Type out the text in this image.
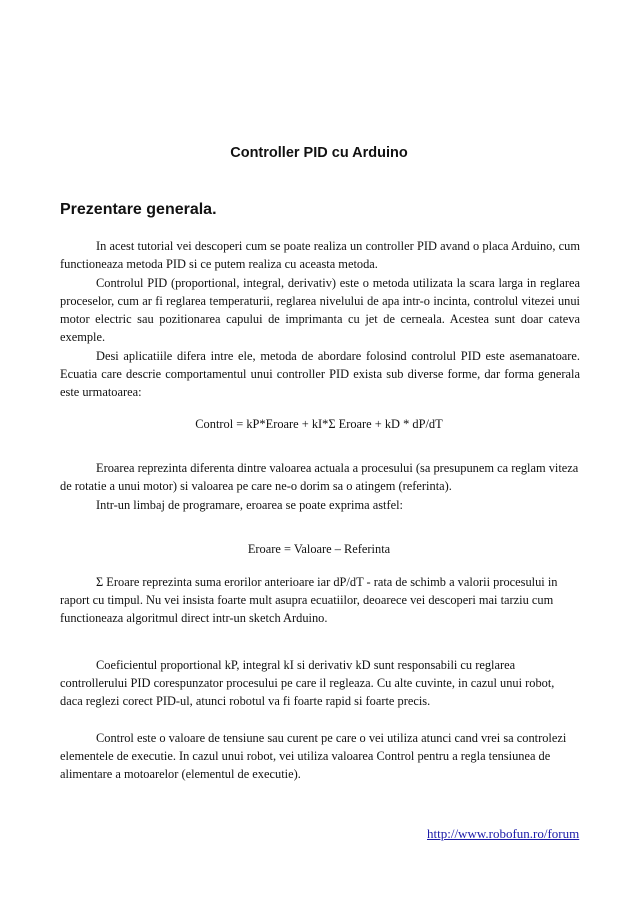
Controller PID cu Arduino
Prezentare generala.

In acest tutorial vei descoperi cum se poate realiza un controller PID avand o placa Arduino, cum functioneaza metoda PID si ce putem realiza cu aceasta metoda.

Controlul PID (proportional, integral, derivativ) este o metoda utilizata la scara larga in reglarea proceselor, cum ar fi reglarea temperaturii, reglarea nivelului de apa intr-o incinta, controlul vitezei unui motor electric sau pozitionarea capului de imprimanta cu jet de cerneala. Acestea sunt doar cateva exemple.

Desi aplicatiile difera intre ele, metoda de abordare folosind controlul PID este asemanatoare. Ecuatia care descrie comportamentul unui controller PID exista sub diverse forme, dar forma generala este urmatoarea:

Control = kP*Eroare + kI*Σ Eroare + kD * dP/dT

Eroarea reprezinta diferenta dintre valoarea actuala a procesului (sa presupunem ca reglam viteza de rotatie a unui motor) si valoarea pe care ne-o dorim sa o atingem (referinta).

Intr-un limbaj de programare, eroarea se poate exprima astfel:

Eroare = Valoare – Referinta

Σ Eroare reprezinta suma erorilor anterioare iar dP/dT - rata de schimb a valorii procesului in raport cu timpul. Nu vei insista foarte mult asupra ecuatiilor, deoarece vei descoperi mai tarziu cum functioneaza algoritmul direct intr-un sketch Arduino.

Coeficientul proportional kP, integral kI si derivativ kD sunt responsabili cu reglarea controllerului PID corespunzator procesului pe care il regleaza. Cu alte cuvinte, in cazul unui robot, daca reglezi corect PID-ul, atunci robotul va fi foarte rapid si foarte precis.

Control este o valoare de tensiune sau curent pe care o vei utiliza atunci cand vrei sa controlezi elementele de executie. In cazul unui robot, vei utiliza valoarea Control pentru a regla tensiunea de alimentare a motoarelor (elementul de executie).

http://www.robofun.ro/forum
